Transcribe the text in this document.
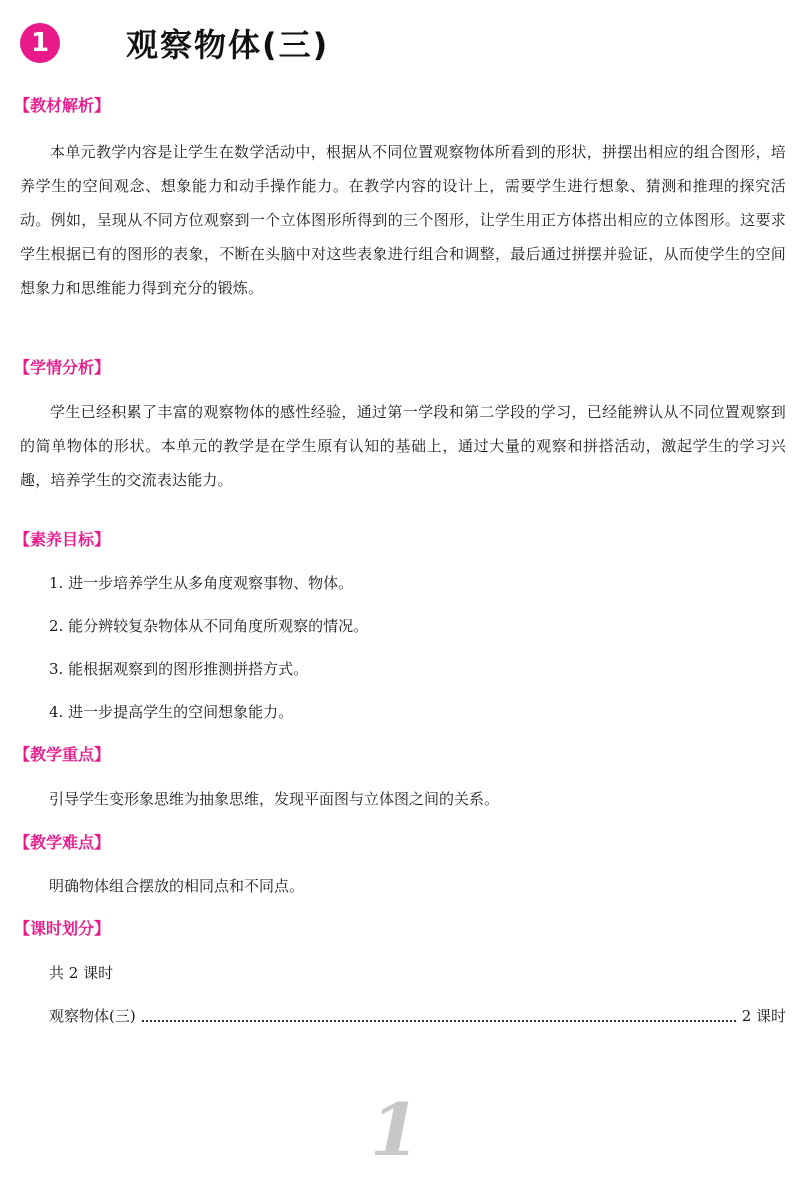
1	观察物体(三)
【教材解析】

本单元教学内容是让学生在数学活动中，根据从不同位置观察物体所看到的形状，拼摆出相应的组合图形，培养学生的空间观念、想象能力和动手操作能力。在教学内容的设计上，需要学生进行想象、猜测和推理的探究活动。例如，呈现从不同方位观察到一个立体图形所得到的三个图形，让学生用正方体搭出相应的立体图形。这要求学生根据已有的图形的表象，不断在头脑中对这些表象进行组合和调整，最后通过拼摆并验证，从而使学生的空间想象力和思维能力得到充分的锻炼。

【学情分析】

学生已经积累了丰富的观察物体的感性经验，通过第一学段和第二学段的学习，已经能辨认从不同位置观察到的简单物体的形状。本单元的教学是在学生原有认知的基础上，通过大量的观察和拼搭活动，激起学生的学习兴趣，培养学生的交流表达能力。

【素养目标】
1. 进一步培养学生从多角度观察事物、物体。
2. 能分辨较复杂物体从不同角度所观察的情况。
3. 能根据观察到的图形推测拼搭方式。
4. 进一步提高学生的空间想象能力。
【教学重点】
引导学生变形象思维为抽象思维，发现平面图与立体图之间的关系。
【教学难点】
明确物体组合摆放的相同点和不同点。
【课时划分】
共 2 课时
观察物体(三)	2 课时
1
